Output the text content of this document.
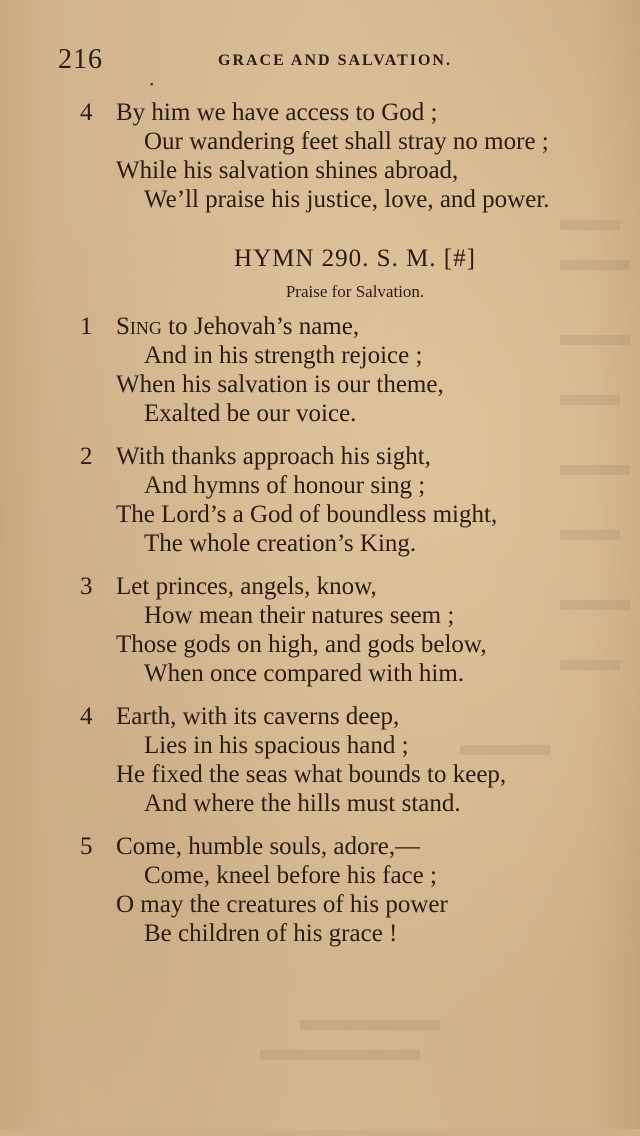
216	GRACE AND SALVATION.
•
4 By him we have access to God ;
Our wandering feet shall stray no more ;
While his salvation shines abroad,
We’ll praise his justice, love, and power.
HYMN 290. S. M. [#]
Praise for Salvation.
1 Sing to Jehovah’s name,
And in his strength rejoice ;
When his salvation is our theme,
Exalted be our voice.
2 With thanks approach his sight,
And hymns of honour sing ;
The Lord’s a God of boundless might,
The whole creation’s King.
3 Let princes, angels, know,
How mean their natures seem ;
Those gods on high, and gods below,
When once compared with him.
4 Earth, with its caverns deep,
Lies in his spacious hand ;
He fixed the seas what bounds to keep,
And where the hills must stand.
5 Come, humble souls, adore,—
Come, kneel before his face ;
O may the creatures of his power
Be children of his grace !
